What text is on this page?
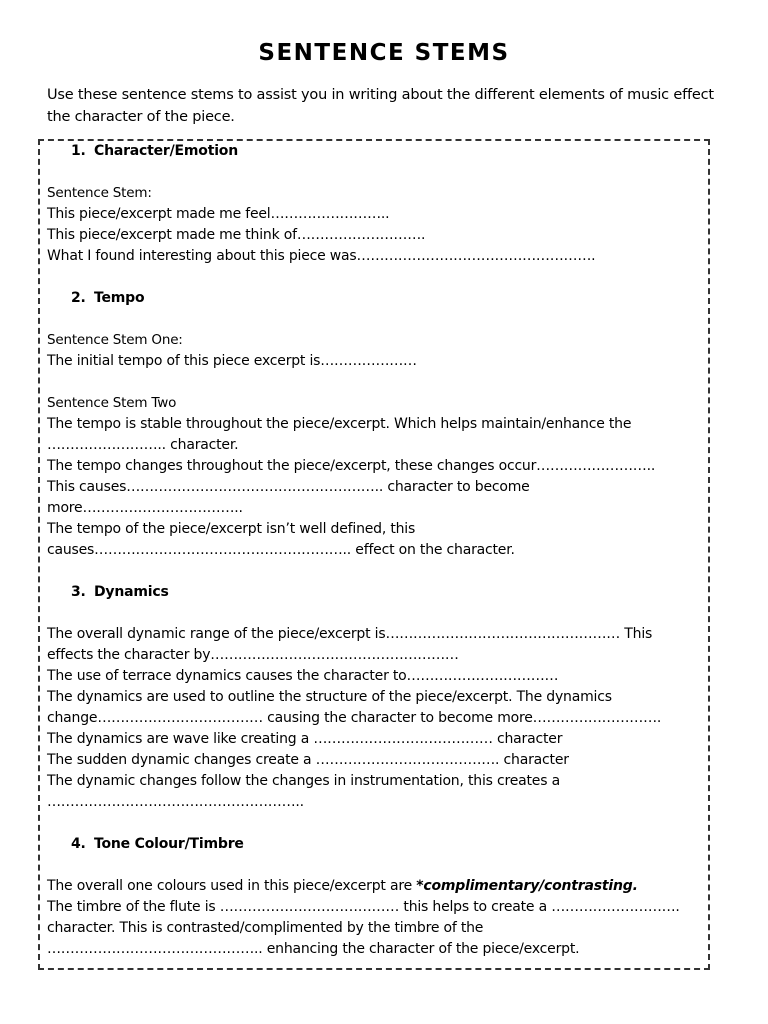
SENTENCE STEMS
Use these sentence stems to assist you in writing about the different elements of music effect the character of the piece.
1. Character/Emotion
Sentence Stem:
This piece/excerpt made me feel……………………..
This piece/excerpt made me think of……………………….
What I found interesting about this piece was…………………………………………….
2. Tempo
Sentence Stem One:
The initial tempo of this piece excerpt is…………………
Sentence Stem Two
The tempo is stable throughout the piece/excerpt. Which helps maintain/enhance the
…………………….. character.
The tempo changes throughout the piece/excerpt, these changes occur……………………..
This causes……………………………………………….. character to become
more……………………………..
The tempo of the piece/excerpt isn’t well defined, this
causes……………………………………………….. effect on the character.
3. Dynamics
The overall dynamic range of the piece/excerpt is…………………………………………… This
effects the character by………………………………………………
The use of terrace dynamics causes the character to……………………………
The dynamics are used to outline the structure of the piece/excerpt. The dynamics
change……………………………… causing the character to become more……………………….
The dynamics are wave like creating a ………………………………… character
The sudden dynamic changes create a …………………………………. character
The dynamic changes follow the changes in instrumentation, this creates a
………………………………………………..
4. Tone Colour/Timbre
The overall one colours used in this piece/excerpt are *complimentary/contrasting.
The timbre of the flute is ………………………………… this helps to create a ……………………….
character. This is contrasted/complimented by the timbre of the
……………………………………….. enhancing the character of the piece/excerpt.
